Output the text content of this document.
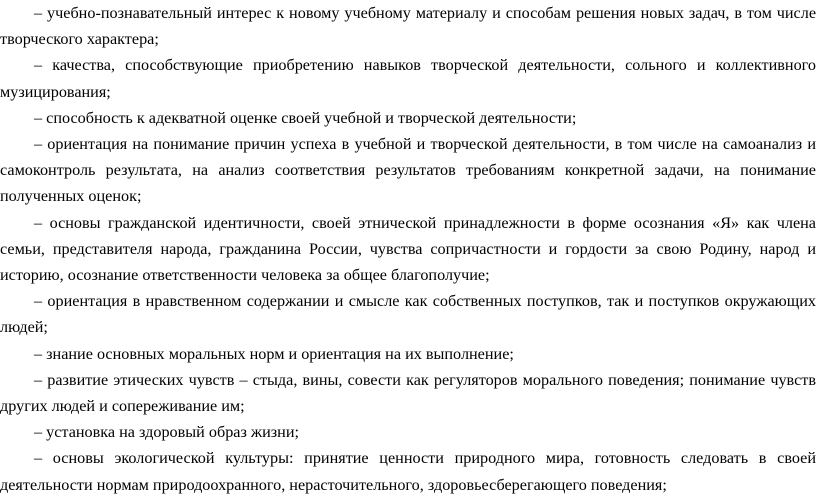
– учебно-познавательный интерес к новому учебному материалу и способам решения новых задач, в том числе творческого характера;

– качества, способствующие приобретению навыков творческой деятельности, сольного и коллективного музицирования;

– способность к адекватной оценке своей учебной и творческой деятельности;

– ориентация на понимание причин успеха в учебной и творческой деятельности, в том числе на самоанализ и самоконтроль результата, на анализ соответствия результатов требованиям конкретной задачи, на понимание полученных оценок;

– основы гражданской идентичности, своей этнической принадлежности в форме осознания «Я» как члена семьи, представителя народа, гражданина России, чувства сопричастности и гордости за свою Родину, народ и историю, осознание ответственности человека за общее благополучие;

– ориентация в нравственном содержании и смысле как собственных поступков, так и поступков окружающих людей;

– знание основных моральных норм и ориентация на их выполнение;

– развитие этических чувств – стыда, вины, совести как регуляторов морального поведения; понимание чувств других людей и сопереживание им;

– установка на здоровый образ жизни;

– основы экологической культуры: принятие ценности природного мира, готовность следовать в своей деятельности нормам природоохранного, нерасточительного, здоровьесберегающего поведения;
